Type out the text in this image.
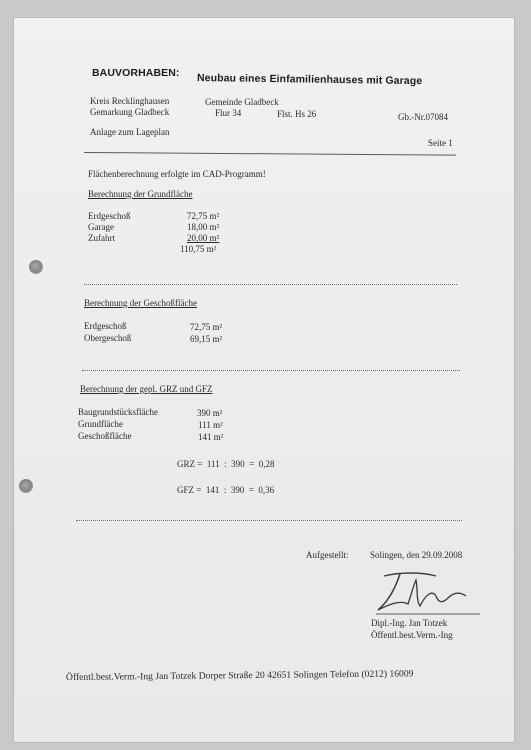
BAUVORHABEN: Neubau eines Einfamilienhauses mit Garage
Kreis Recklinghausen
Gemarkung Gladbeck
Gemeinde Gladbeck
Flur 34	Flst. Hs 26	Gb.-Nr.07084
Anlage zum Lageplan
Seite 1
Flächenberechnung erfolgte im CAD-Programm!
Berechnung der Grundfläche
Erdgeschoß
Garage
Zufahrt
72,75 m²
18,00 m²
20,00 m²
110,75 m²
Berechnung der Geschoßfläche
Erdgeschoß
Obergeschoß
72,75 m²
69,15 m²
Berechnung der gepl. GRZ und GFZ
Baugrundstücksfläche
Grundfläche
Geschoßfläche
390 m²
111 m²
141 m²
GRZ =  111  :  390  =  0,28
GFZ =  141  :  390  =  0,36
Aufgestellt: Solingen, den 29.09.2008
Dipl.-Ing. Jan Totzek
Öffentl.best.Verm.-Ing
Öffentl.best.Verm.-Ing Jan Totzek Dorper Straße 20 42651 Solingen Telefon (0212) 16009
